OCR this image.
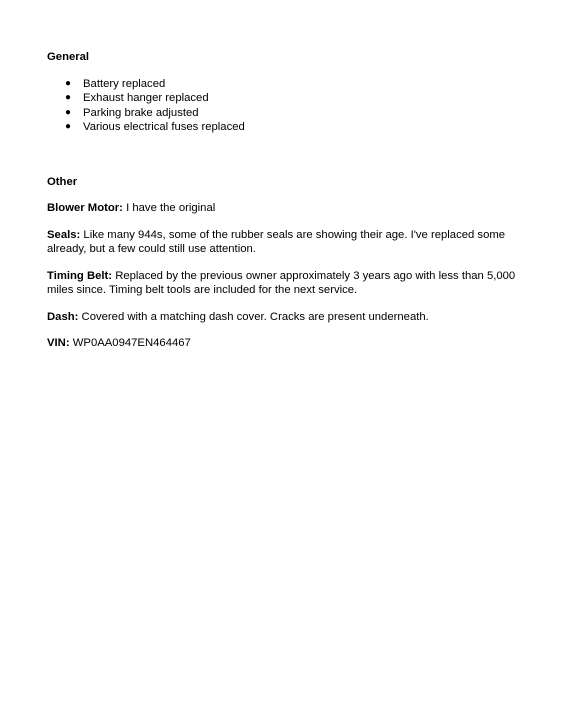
General

● Battery replaced
● Exhaust hanger replaced
● Parking brake adjusted
● Various electrical fuses replaced

Other

Blower Motor: I have the original

Seals: Like many 944s, some of the rubber seals are showing their age. I've replaced some already, but a few could still use attention.

Timing Belt: Replaced by the previous owner approximately 3 years ago with less than 5,000 miles since. Timing belt tools are included for the next service.

Dash: Covered with a matching dash cover. Cracks are present underneath.

VIN: WP0AA0947EN464467
